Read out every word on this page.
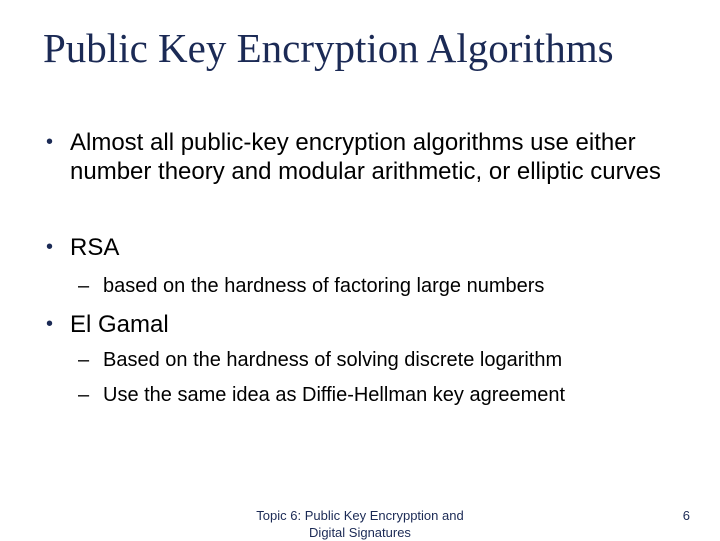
Public Key Encryption Algorithms
• Almost all public-key encryption algorithms use either number theory and modular arithmetic, or elliptic curves
• RSA
– based on the hardness of factoring large numbers
• El Gamal
– Based on the hardness of solving discrete logarithm
– Use the same idea as Diffie-Hellman key agreement
Topic 6: Public Key Encrypption and Digital Signatures
6
